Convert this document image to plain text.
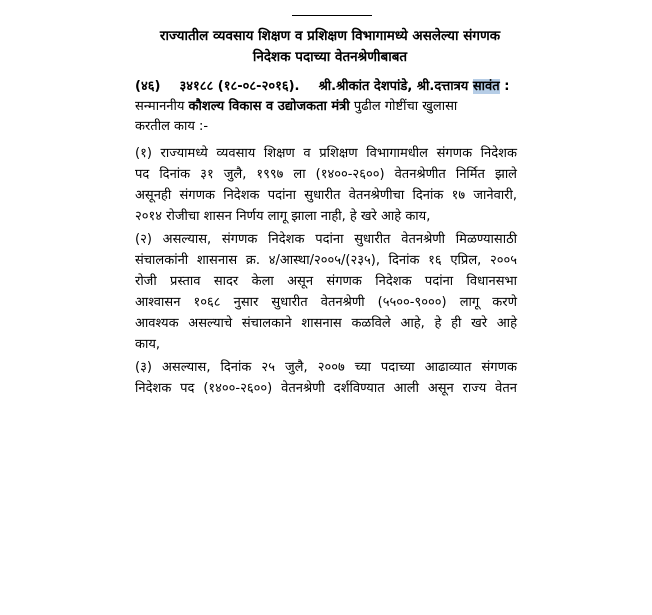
राज्यातील व्यवसाय शिक्षण व प्रशिक्षण विभागामध्ये असलेल्या संगणक
निदेशक पदाच्या वेतनश्रेणीबाबत
(४६) ३४१८८ (१८-०८-२०१६). श्री.श्रीकांत देशपांडे, श्री.दत्तात्रय सावंत :
सन्माननीय कौशल्य विकास व उद्योजकता मंत्री पुढील गोष्टींचा खुलासा
करतील काय :-
(१) राज्यामध्ये व्यवसाय शिक्षण व प्रशिक्षण विभागामधील संगणक निदेशक
पद दिनांक ३१ जुलै, १९९७ ला (१४००-२६००) वेतनश्रेणीत निर्मित झाले
असूनही संगणक निदेशक पदांना सुधारीत वेतनश्रेणीचा दिनांक १७ जानेवारी,
२०१४ रोजीचा शासन निर्णय लागू झाला नाही, हे खरे आहे काय,
(२) असल्यास, संगणक निदेशक पदांना सुधारीत वेतनश्रेणी मिळण्यासाठी
संचालकांनी शासनास क्र. ४/आस्था/२००५/(२३५), दिनांक १६ एप्रिल, २००५
रोजी प्रस्ताव सादर केला असून संगणक निदेशक पदांना विधानसभा
आश्वासन १०६८ नुसार सुधारीत वेतनश्रेणी (५५००-९०००) लागू करणे
आवश्यक असल्याचे संचालकाने शासनास कळविले आहे, हे ही खरे आहे
काय,
(३) असल्यास, दिनांक २५ जुलै, २००७ च्या पदाच्या आढाव्यात संगणक
निदेशक पद (१४००-२६००) वेतनश्रेणी दर्शविण्यात आली असून राज्य वेतन
